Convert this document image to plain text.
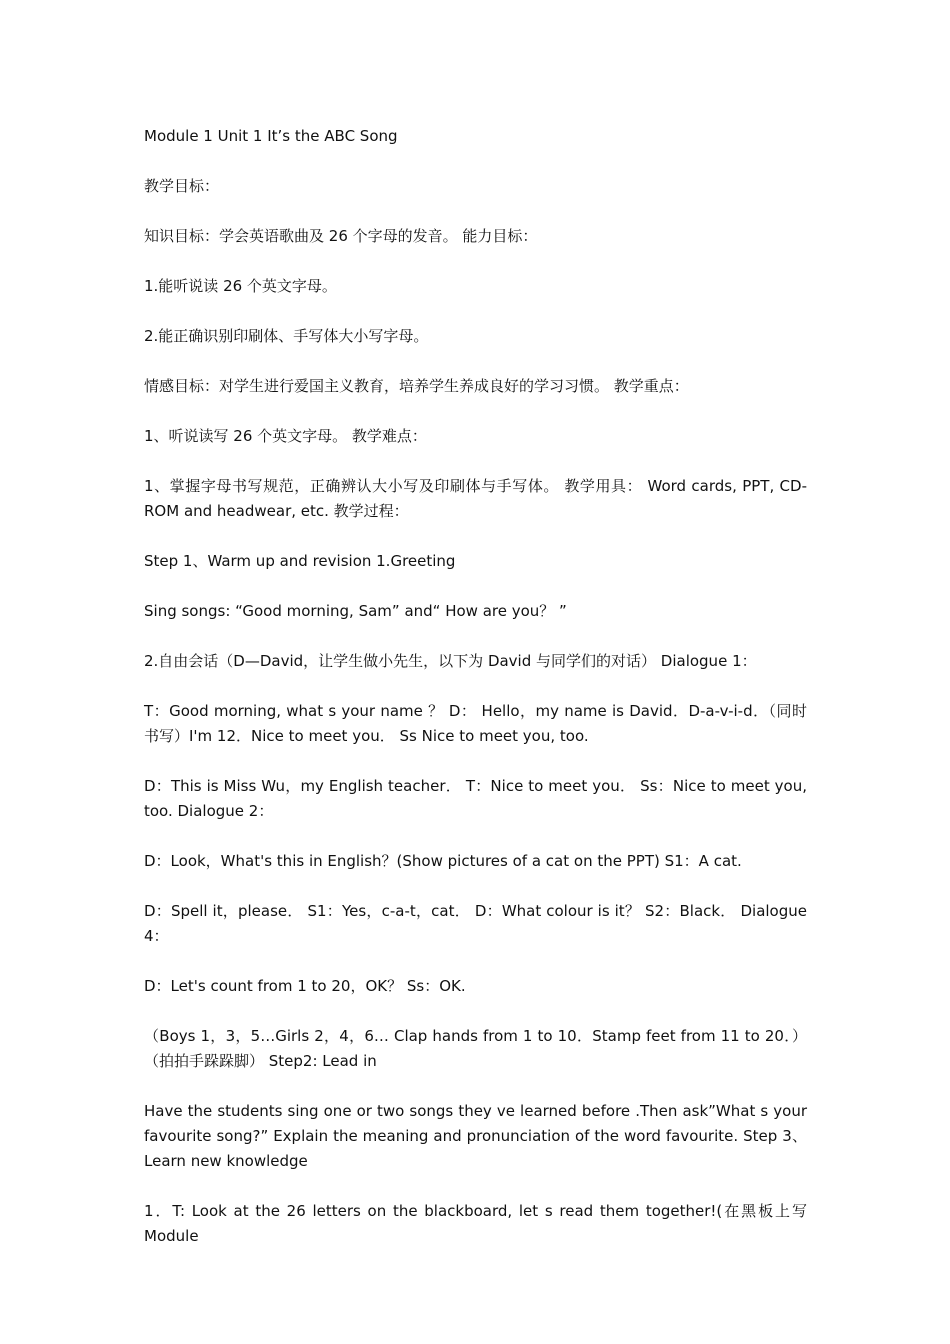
Module 1 Unit 1 It’s the ABC Song

教学目标：

知识目标：学会英语歌曲及 26 个字母的发音。 能力目标：

1.能听说读 26 个英文字母。

2.能正确识别印刷体、手写体大小写字母。

情感目标：对学生进行爱国主义教育，培养学生养成良好的学习习惯。 教学重点：

1、听说读写 26 个英文字母。 教学难点：

1、掌握字母书写规范，正确辨认大小写及印刷体与手写体。 教学用具： Word cards, PPT, CD-ROM and headwear, etc. 教学过程：

Step 1、Warm up and revision 1.Greeting

Sing songs: “Good morning, Sam” and“ How are you？ ”

2.自由会话（D—David，让学生做小先生，以下为 David 与同学们的对话） Dialogue 1：

T：Good morning, what s your name ？ D： Hello，my name is David．D-a-v-i-d．（同时书写）I'm 12．Nice to meet you． Ss Nice to meet you, too.

D：This is Miss Wu，my English teacher． T：Nice to meet you． Ss：Nice to meet you, too. Dialogue 2：

D：Look，What's this in English？(Show pictures of a cat on the PPT) S1：A cat.

D：Spell it，please． S1：Yes，c-a-t，cat． D：What colour is it？ S2：Black． Dialogue 4：

D：Let's count from 1 to 20，OK？ Ss：OK.

（Boys 1，3，5…Girls 2，4，6… Clap hands from 1 to 10．Stamp feet from 11 to 20．）（拍拍手跺跺脚） Step2: Lead in

Have the students sing one or two songs they ve learned before .Then ask”What s your favourite song?” Explain the meaning and pronunciation of the word favourite. Step 3、Learn new knowledge

1．T: Look at the 26 letters on the blackboard, let s read them together!(在黑板上写 Module
